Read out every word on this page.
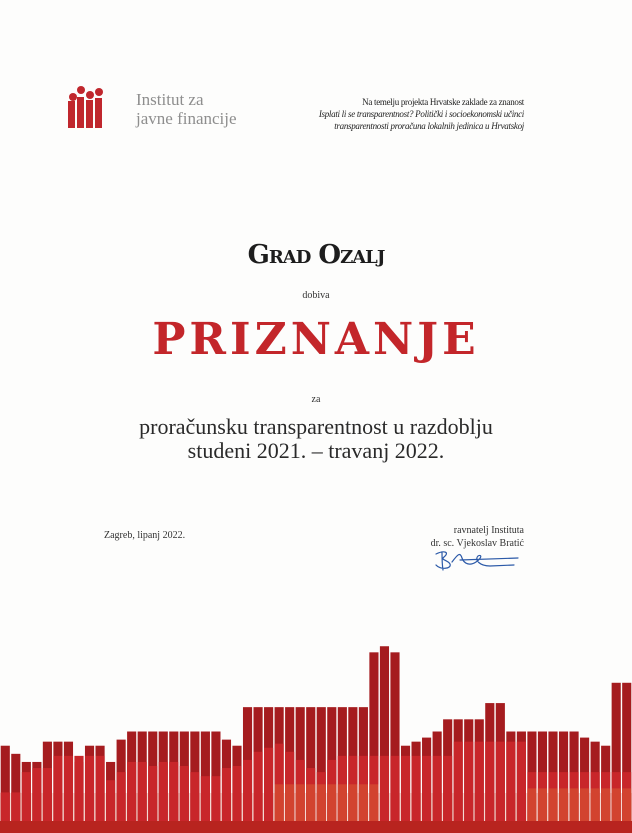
Institut za
javne financije
Na temelju projekta Hrvatske zaklade za znanost
Isplati li se transparentnost? Politički i socioekonomski učinci
transparentnosti proračuna lokalnih jedinica u Hrvatskoj
Grad Ozalj
dobiva
PRIZNANJE
za
proračunsku transparentnost u razdoblju
studeni 2021. – travanj 2022.
Zagreb, lipanj 2022.	ravnatelj Instituta
dr. sc. Vjekoslav Bratić
